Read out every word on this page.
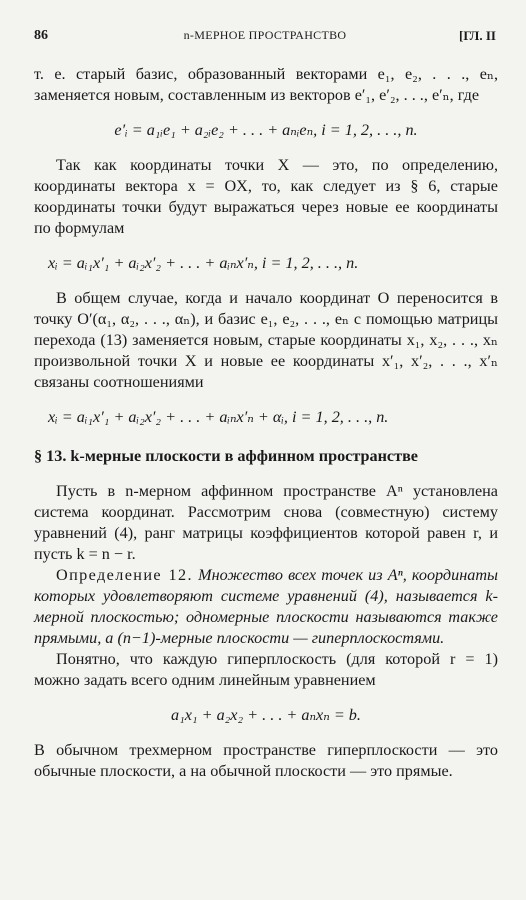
86	n-МЕРНОЕ ПРОСТРАНСТВО	[ГЛ. II

т. е. старый базис, образованный векторами e₁, e₂, . . ., eₙ, заменяется новым, составленным из векторов e′₁, e′₂, . . ., e′ₙ, где

e′ᵢ = a₁ᵢe₁ + a₂ᵢe₂ + . . . + aₙᵢeₙ, i = 1, 2, . . ., n.

Так как координаты точки X — это, по определению, координаты вектора x = OX, то, как следует из § 6, старые координаты точки будут выражаться через новые ее координаты по формулам

xᵢ = aᵢ₁x′₁ + aᵢ₂x′₂ + . . . + aᵢₙx′ₙ, i = 1, 2, . . ., n.

В общем случае, когда и начало координат O переносится в точку O′(α₁, α₂, . . ., αₙ), и базис e₁, e₂, . . ., eₙ с помощью матрицы перехода (13) заменяется новым, старые координаты x₁, x₂, . . ., xₙ произвольной точки X и новые ее координаты x′₁, x′₂, . . ., x′ₙ связаны соотношениями

xᵢ = aᵢ₁x′₁ + aᵢ₂x′₂ + . . . + aᵢₙx′ₙ + αᵢ, i = 1, 2, . . ., n.
§ 13. k-мерные плоскости в аффинном пространстве

Пусть в n-мерном аффинном пространстве Aⁿ установлена система координат. Рассмотрим снова (совместную) систему уравнений (4), ранг матрицы коэффициентов которой равен r, и пусть k = n − r.

Определение 12. Множество всех точек из Aⁿ, координаты которых удовлетворяют системе уравнений (4), называется k-мерной плоскостью; одномерные плоскости называются также прямыми, а (n−1)-мерные плоскости — гиперплоскостями.

Понятно, что каждую гиперплоскость (для которой r = 1) можно задать всего одним линейным уравнением

a₁x₁ + a₂x₂ + . . . + aₙxₙ = b.

В обычном трехмерном пространстве гиперплоскости — это обычные плоскости, а на обычной плоскости — это прямые.
